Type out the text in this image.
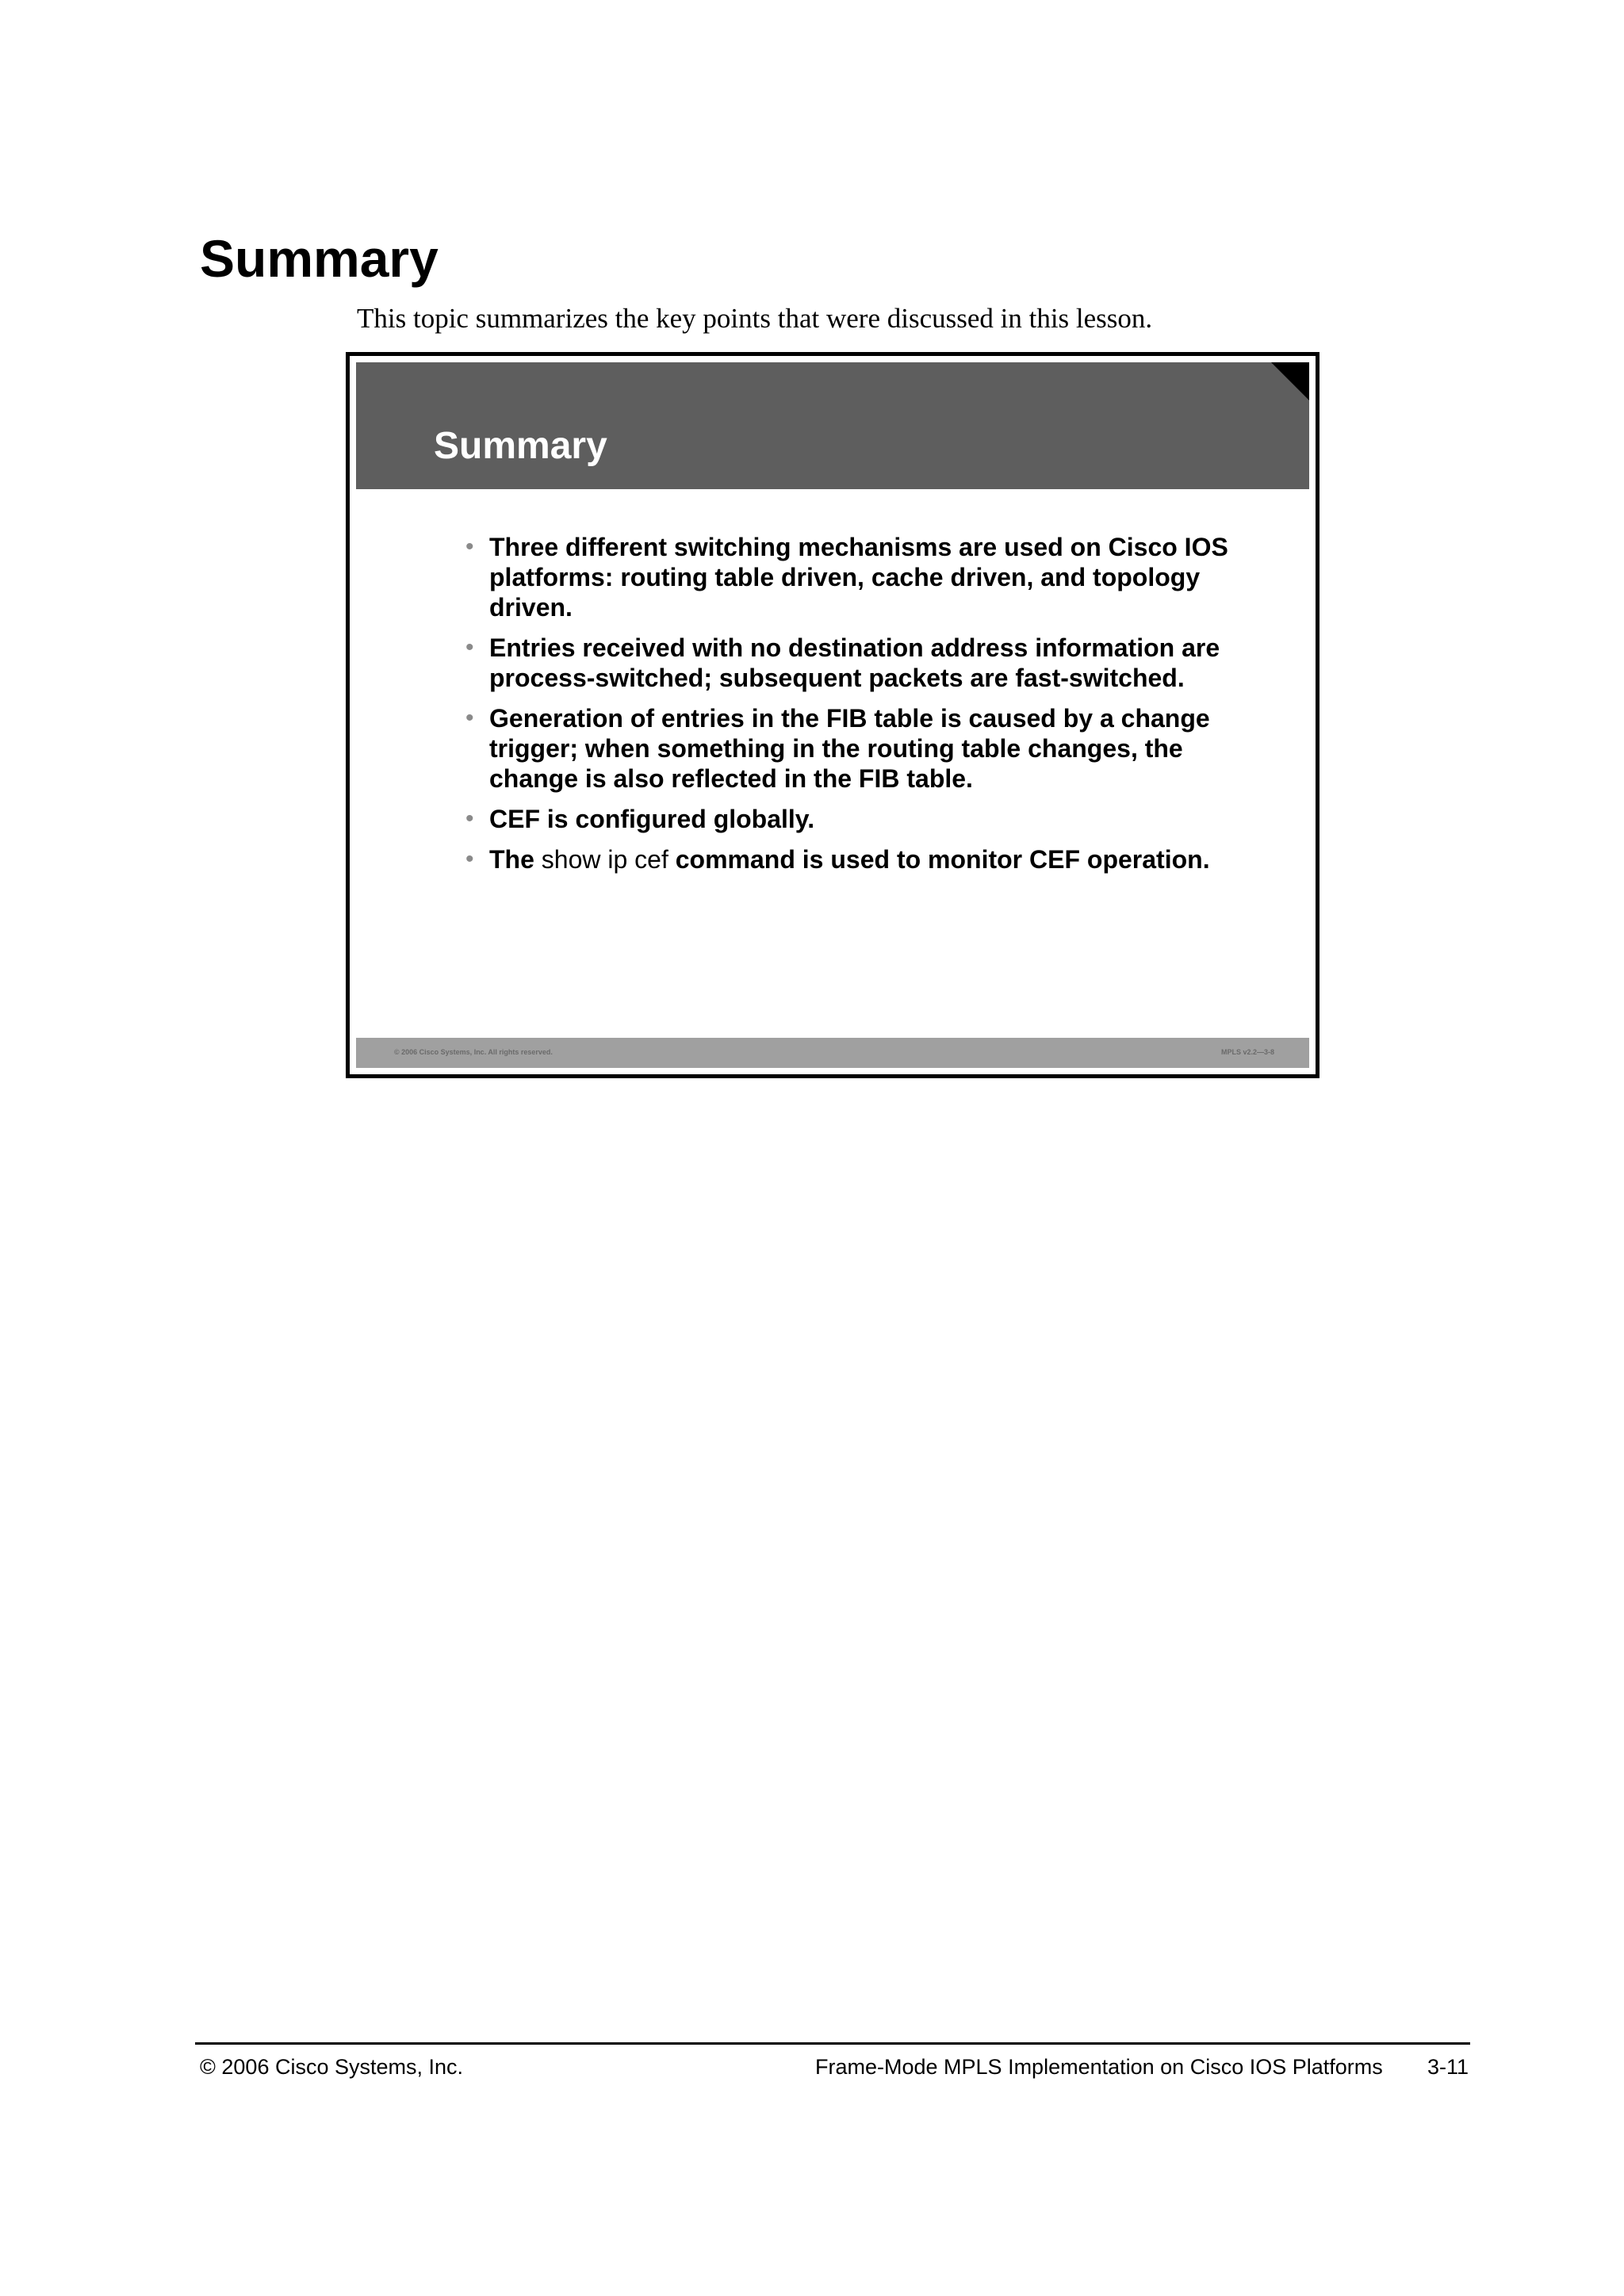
Summary

This topic summarizes the key points that were discussed in this lesson.

Summary
• Three different switching mechanisms are used on Cisco IOS platforms: routing table driven, cache driven, and topology driven.
• Entries received with no destination address information are process-switched; subsequent packets are fast-switched.
• Generation of entries in the FIB table is caused by a change trigger; when something in the routing table changes, the change is also reflected in the FIB table.
• CEF is configured globally.
• The show ip cef command is used to monitor CEF operation.
© 2006 Cisco Systems, Inc. All rights reserved.	MPLS v2.2—3-8
© 2006 Cisco Systems, Inc.	Frame-Mode MPLS Implementation on Cisco IOS Platforms 3-11
